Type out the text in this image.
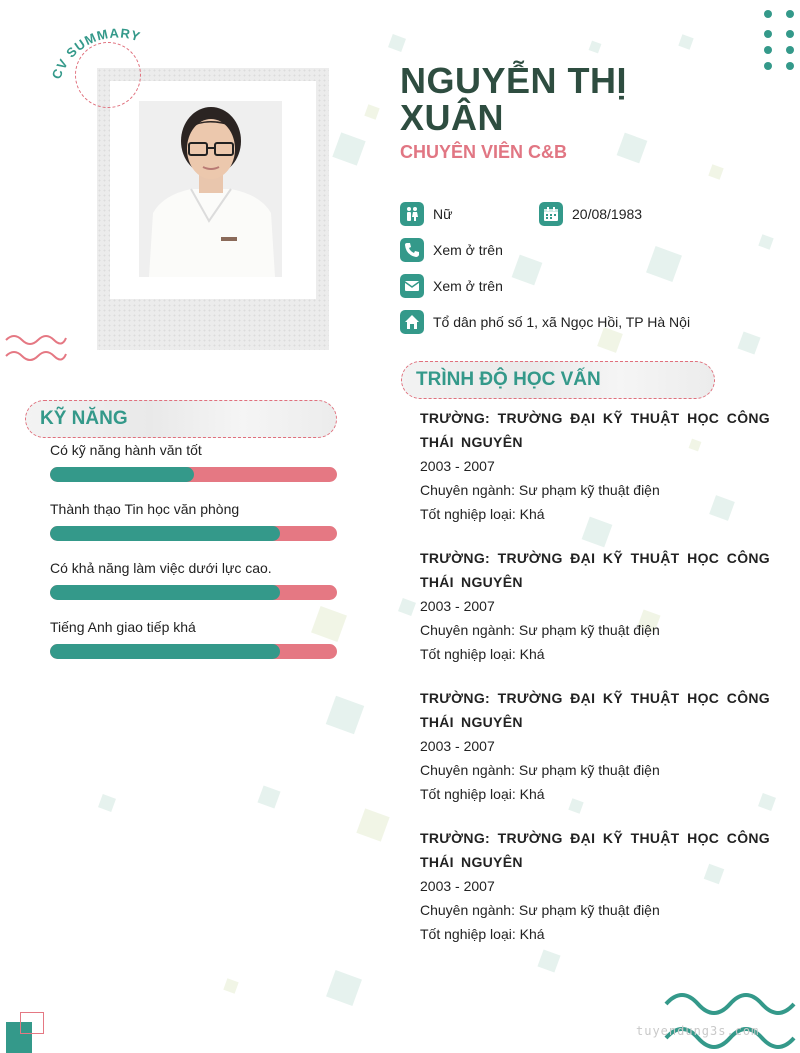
CV SUMMARY
NGUYỄN THỊ
XUÂN
CHUYÊN VIÊN C&B
Nữ	20/08/1983
Xem ở trên
Xem ở trên
Tổ dân phố số 1, xã Ngọc Hồi, TP Hà Nội
KỸ NĂNG
Có kỹ năng hành văn tốt
Thành thạo Tin học văn phòng
Có khả năng làm việc dưới lực cao.
Tiếng Anh giao tiếp khá
TRÌNH ĐỘ HỌC VẤN
TRƯỜNG: TRƯỜNG ĐẠI KỸ THUẬT HỌC CÔNG THÁI NGUYÊN
2003 - 2007
Chuyên ngành: Sư phạm kỹ thuật điện
Tốt nghiệp loại: Khá
TRƯỜNG: TRƯỜNG ĐẠI KỸ THUẬT HỌC CÔNG THÁI NGUYÊN
2003 - 2007
Chuyên ngành: Sư phạm kỹ thuật điện
Tốt nghiệp loại: Khá
TRƯỜNG: TRƯỜNG ĐẠI KỸ THUẬT HỌC CÔNG THÁI NGUYÊN
2003 - 2007
Chuyên ngành: Sư phạm kỹ thuật điện
Tốt nghiệp loại: Khá
TRƯỜNG: TRƯỜNG ĐẠI KỸ THUẬT HỌC CÔNG THÁI NGUYÊN
2003 - 2007
Chuyên ngành: Sư phạm kỹ thuật điện
Tốt nghiệp loại: Khá
tuyendung3s.com
